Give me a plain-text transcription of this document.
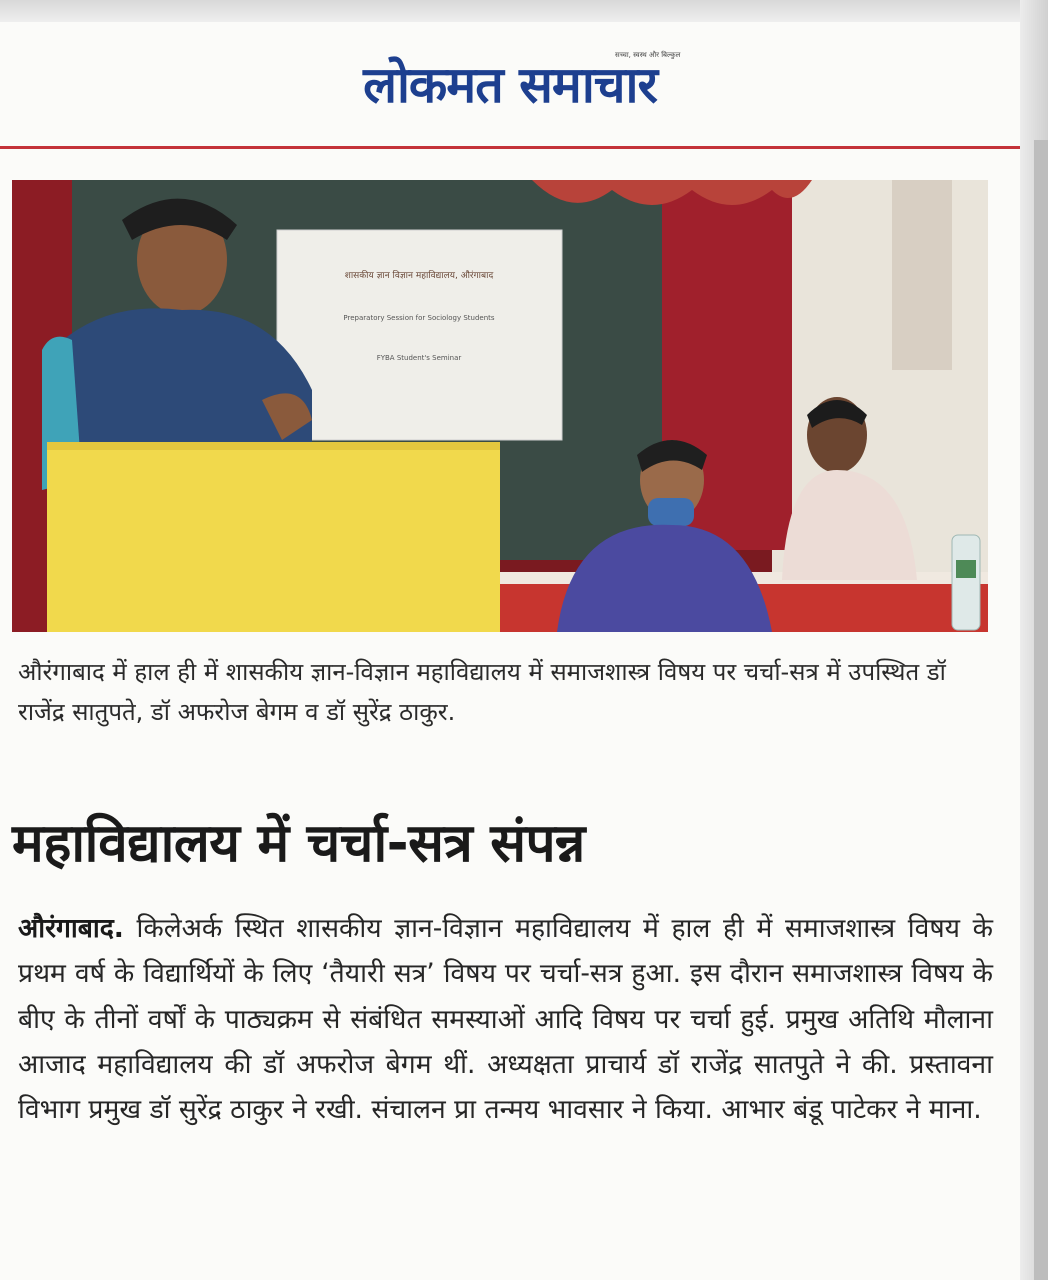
सच्चा, स्वस्थ और बिल्कुल
लोकमत समाचार
शासकीय ज्ञान विज्ञान महाविद्यालय, औरंगाबाद
Preparatory Session for Sociology Students
FYBA Student's Seminar
औरंगाबाद में हाल ही में शासकीय ज्ञान-विज्ञान महाविद्यालय में समाजशास्त्र विषय पर चर्चा-सत्र में उपस्थित डॉ राजेंद्र सातुपते, डॉ अफरोज बेगम व डॉ सुरेंद्र ठाकुर.
महाविद्यालय में चर्चा-सत्र संपन्न
औरंगाबाद. किलेअर्क स्थित शासकीय ज्ञान-विज्ञान महाविद्यालय में हाल ही में समाजशास्त्र विषय के प्रथम वर्ष के विद्यार्थियों के लिए ‘तैयारी सत्र’ विषय पर चर्चा-सत्र हुआ. इस दौरान समाजशास्त्र विषय के बीए के तीनों वर्षों के पाठ्यक्रम से संबंधित समस्याओं आदि विषय पर चर्चा हुई. प्रमुख अतिथि मौलाना आजाद महाविद्यालय की डॉ अफरोज बेगम थीं. अध्यक्षता प्राचार्य डॉ राजेंद्र सातपुते ने की. प्रस्तावना विभाग प्रमुख डॉ सुरेंद्र ठाकुर ने रखी. संचालन प्रा तन्मय भावसार ने किया. आभार बंडू पाटेकर ने माना.
